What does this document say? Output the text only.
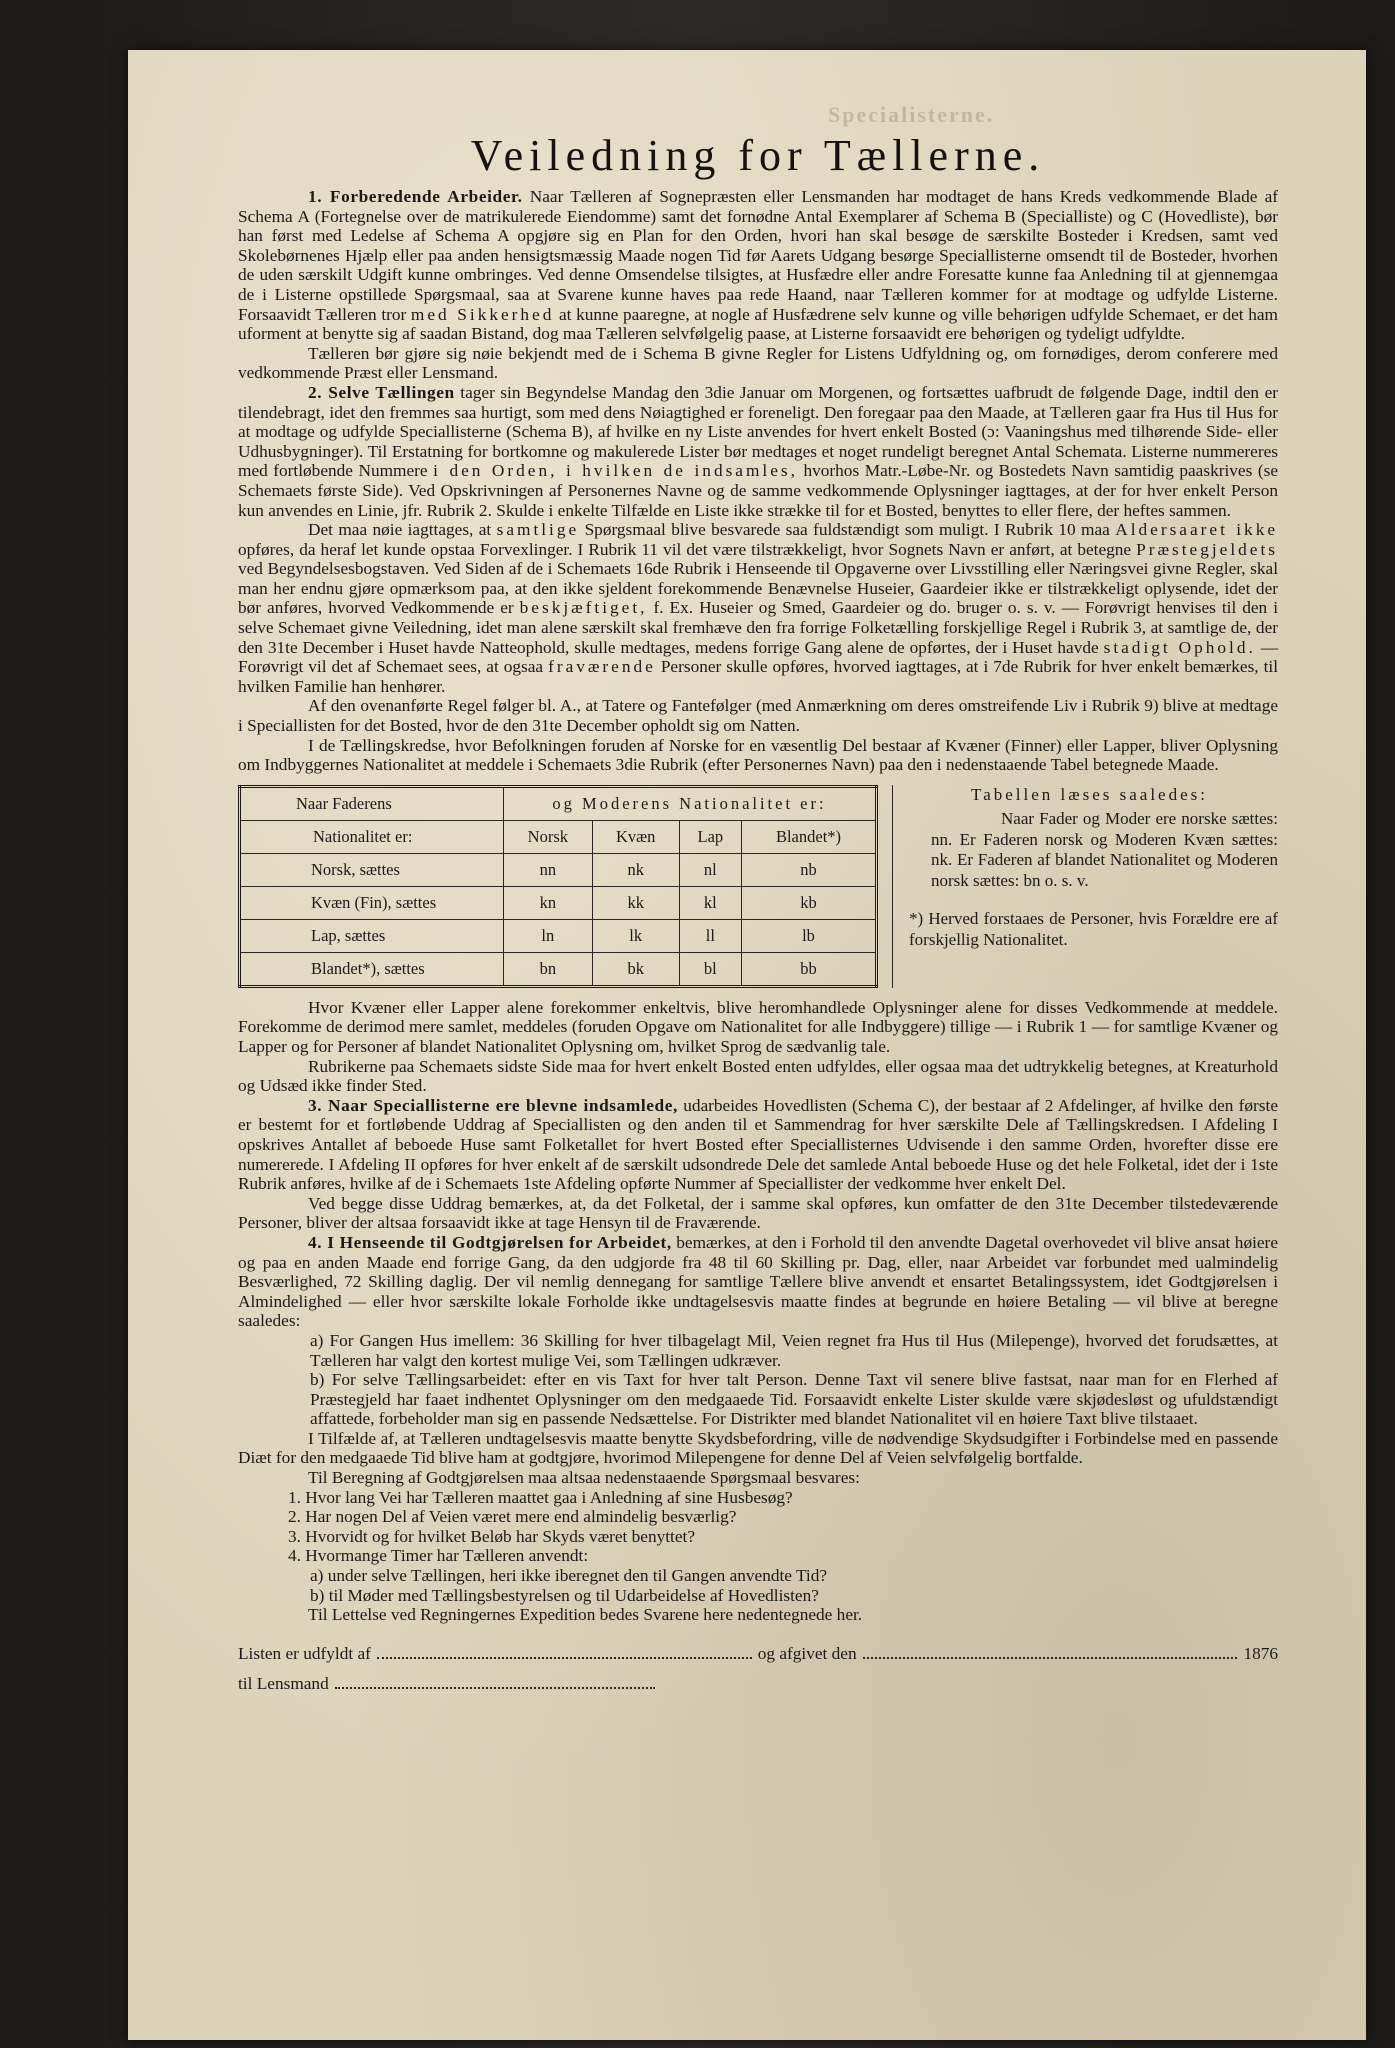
Specialisterne.
Veiledning for Tællerne.

1. Forberedende Arbeider. Naar Tælleren af Sognepræsten eller Lensmanden har modtaget de hans Kreds vedkommende Blade af Schema A (Fortegnelse over de matrikulerede Eiendomme) samt det fornødne Antal Exemplarer af Schema B (Specialliste) og C (Hovedliste), bør han først med Ledelse af Schema A opgjøre sig en Plan for den Orden, hvori han skal besøge de særskilte Bosteder i Kredsen, samt ved Skolebørnenes Hjælp eller paa anden hensigtsmæssig Maade nogen Tid før Aarets Udgang besørge Speciallisterne omsendt til de Bosteder, hvorhen de uden særskilt Udgift kunne ombringes. Ved denne Omsendelse tilsigtes, at Husfædre eller andre Foresatte kunne faa Anledning til at gjennemgaa de i Listerne opstillede Spørgsmaal, saa at Svarene kunne haves paa rede Haand, naar Tælleren kommer for at modtage og udfylde Listerne. Forsaavidt Tælleren tror med Sikkerhed at kunne paaregne, at nogle af Husfædrene selv kunne og ville behørigen udfylde Schemaet, er det ham uforment at benytte sig af saadan Bistand, dog maa Tælleren selvfølgelig paase, at Listerne forsaavidt ere behørigen og tydeligt udfyldte.

Tælleren bør gjøre sig nøie bekjendt med de i Schema B givne Regler for Listens Udfyldning og, om fornødiges, derom conferere med vedkommende Præst eller Lensmand.

2. Selve Tællingen tager sin Begyndelse Mandag den 3die Januar om Morgenen, og fortsættes uafbrudt de følgende Dage, indtil den er tilendebragt, idet den fremmes saa hurtigt, som med dens Nøiagtighed er foreneligt. Den foregaar paa den Maade, at Tælleren gaar fra Hus til Hus for at modtage og udfylde Speciallisterne (Schema B), af hvilke en ny Liste anvendes for hvert enkelt Bosted (ɔ: Vaaningshus med tilhørende Side- eller Udhusbygninger). Til Erstatning for bortkomne og makulerede Lister bør medtages et noget rundeligt beregnet Antal Schemata. Listerne nummereres med fortløbende Nummere i den Orden, i hvilken de indsamles, hvorhos Matr.-Løbe-Nr. og Bostedets Navn samtidig paaskrives (se Schemaets første Side). Ved Opskrivningen af Personernes Navne og de samme vedkommende Oplysninger iagttages, at der for hver enkelt Person kun anvendes en Linie, jfr. Rubrik 2. Skulde i enkelte Tilfælde en Liste ikke strække til for et Bosted, benyttes to eller flere, der heftes sammen.

Det maa nøie iagttages, at samtlige Spørgsmaal blive besvarede saa fuldstændigt som muligt. I Rubrik 10 maa Aldersaaret ikke opføres, da heraf let kunde opstaa Forvexlinger. I Rubrik 11 vil det være tilstrækkeligt, hvor Sognets Navn er anført, at betegne Præstegjeldets ved Begyndelsesbogstaven. Ved Siden af de i Schemaets 16de Rubrik i Henseende til Opgaverne over Livsstilling eller Næringsvei givne Regler, skal man her endnu gjøre opmærksom paa, at den ikke sjeldent forekommende Benævnelse Huseier, Gaardeier ikke er tilstrækkeligt oplysende, idet der bør anføres, hvorved Vedkommende er beskjæftiget, f. Ex. Huseier og Smed, Gaardeier og do. bruger o. s. v. — Forøvrigt henvises til den i selve Schemaet givne Veiledning, idet man alene særskilt skal fremhæve den fra forrige Folketælling forskjellige Regel i Rubrik 3, at samtlige de, der den 31te December i Huset havde Natteophold, skulle medtages, medens forrige Gang alene de opførtes, der i Huset havde stadigt Ophold. — Forøvrigt vil det af Schemaet sees, at ogsaa fraværende Personer skulle opføres, hvorved iagttages, at i 7de Rubrik for hver enkelt bemærkes, til hvilken Familie han henhører.

Af den ovenanførte Regel følger bl. A., at Tatere og Fantefølger (med Anmærkning om deres omstreifende Liv i Rubrik 9) blive at medtage i Speciallisten for det Bosted, hvor de den 31te December opholdt sig om Natten.

I de Tællingskredse, hvor Befolkningen foruden af Norske for en væsentlig Del bestaar af Kvæner (Finner) eller Lapper, bliver Oplysning om Indbyggernes Nationalitet at meddele i Schemaets 3die Rubrik (efter Personernes Navn) paa den i nedenstaaende Tabel betegnede Maade.

Naar Faderens	og Moderens Nationalitet er:			
Nationalitet er:	Norsk	Kvæn	Lap	Blandet*)
Norsk, sættes	nn	nk	nl	nb
Kvæn (Fin), sættes	kn	kk	kl	kb
Lap, sættes	ln	lk	ll	lb
Blandet*), sættes	bn	bk	bl	bb

Tabellen læses saaledes:

Naar Fader og Moder ere norske sættes: nn. Er Faderen norsk og Moderen Kvæn sættes: nk. Er Faderen af blandet Nationalitet og Moderen norsk sættes: bn o. s. v.

*) Herved forstaaes de Personer, hvis Forældre ere af forskjellig Nationalitet.

Hvor Kvæner eller Lapper alene forekommer enkeltvis, blive heromhandlede Oplysninger alene for disses Vedkommende at meddele. Forekomme de derimod mere samlet, meddeles (foruden Opgave om Nationalitet for alle Indbyggere) tillige — i Rubrik 1 — for samtlige Kvæner og Lapper og for Personer af blandet Nationalitet Oplysning om, hvilket Sprog de sædvanlig tale.

Rubrikerne paa Schemaets sidste Side maa for hvert enkelt Bosted enten udfyldes, eller ogsaa maa det udtrykkelig betegnes, at Kreaturhold og Udsæd ikke finder Sted.

3. Naar Speciallisterne ere blevne indsamlede, udarbeides Hovedlisten (Schema C), der bestaar af 2 Afdelinger, af hvilke den første er bestemt for et fortløbende Uddrag af Speciallisten og den anden til et Sammendrag for hver særskilte Dele af Tællingskredsen. I Afdeling I opskrives Antallet af beboede Huse samt Folketallet for hvert Bosted efter Speciallisternes Udvisende i den samme Orden, hvorefter disse ere numererede. I Afdeling II opføres for hver enkelt af de særskilt udsondrede Dele det samlede Antal beboede Huse og det hele Folketal, idet der i 1ste Rubrik anføres, hvilke af de i Schemaets 1ste Afdeling opførte Nummer af Speciallister der vedkomme hver enkelt Del.

Ved begge disse Uddrag bemærkes, at, da det Folketal, der i samme skal opføres, kun omfatter de den 31te December tilstedeværende Personer, bliver der altsaa forsaavidt ikke at tage Hensyn til de Fraværende.

4. I Henseende til Godtgjørelsen for Arbeidet, bemærkes, at den i Forhold til den anvendte Dagetal overhovedet vil blive ansat høiere og paa en anden Maade end forrige Gang, da den udgjorde fra 48 til 60 Skilling pr. Dag, eller, naar Arbeidet var forbundet med ualmindelig Besværlighed, 72 Skilling daglig. Der vil nemlig dennegang for samtlige Tællere blive anvendt et ensartet Betalingssystem, idet Godtgjørelsen i Almindelighed — eller hvor særskilte lokale Forholde ikke undtagelsesvis maatte findes at begrunde en høiere Betaling — vil blive at beregne saaledes:

a) For Gangen Hus imellem: 36 Skilling for hver tilbagelagt Mil, Veien regnet fra Hus til Hus (Milepenge), hvorved det forudsættes, at Tælleren har valgt den kortest mulige Vei, som Tællingen udkræver.

b) For selve Tællingsarbeidet: efter en vis Taxt for hver talt Person. Denne Taxt vil senere blive fastsat, naar man for en Flerhed af Præstegjeld har faaet indhentet Oplysninger om den medgaaede Tid. Forsaavidt enkelte Lister skulde være skjødesløst og ufuldstændigt affattede, forbeholder man sig en passende Nedsættelse. For Distrikter med blandet Nationalitet vil en høiere Taxt blive tilstaaet.

I Tilfælde af, at Tælleren undtagelsesvis maatte benytte Skydsbefordring, ville de nødvendige Skydsudgifter i Forbindelse med en passende Diæt for den medgaaede Tid blive ham at godtgjøre, hvorimod Milepengene for denne Del af Veien selvfølgelig bortfalde.

Til Beregning af Godtgjørelsen maa altsaa nedenstaaende Spørgsmaal besvares:

1. Hvor lang Vei har Tælleren maattet gaa i Anledning af sine Husbesøg?

2. Har nogen Del af Veien været mere end almindelig besværlig?

3. Hvorvidt og for hvilket Beløb har Skyds været benyttet?

4. Hvormange Timer har Tælleren anvendt:

a) under selve Tællingen, heri ikke iberegnet den til Gangen anvendte Tid?

b) til Møder med Tællingsbestyrelsen og til Udarbeidelse af Hovedlisten?

Til Lettelse ved Regningernes Expedition bedes Svarene here nedentegnede her.

Listen er udfyldt af	og afgivet den	1876
til Lensmand
